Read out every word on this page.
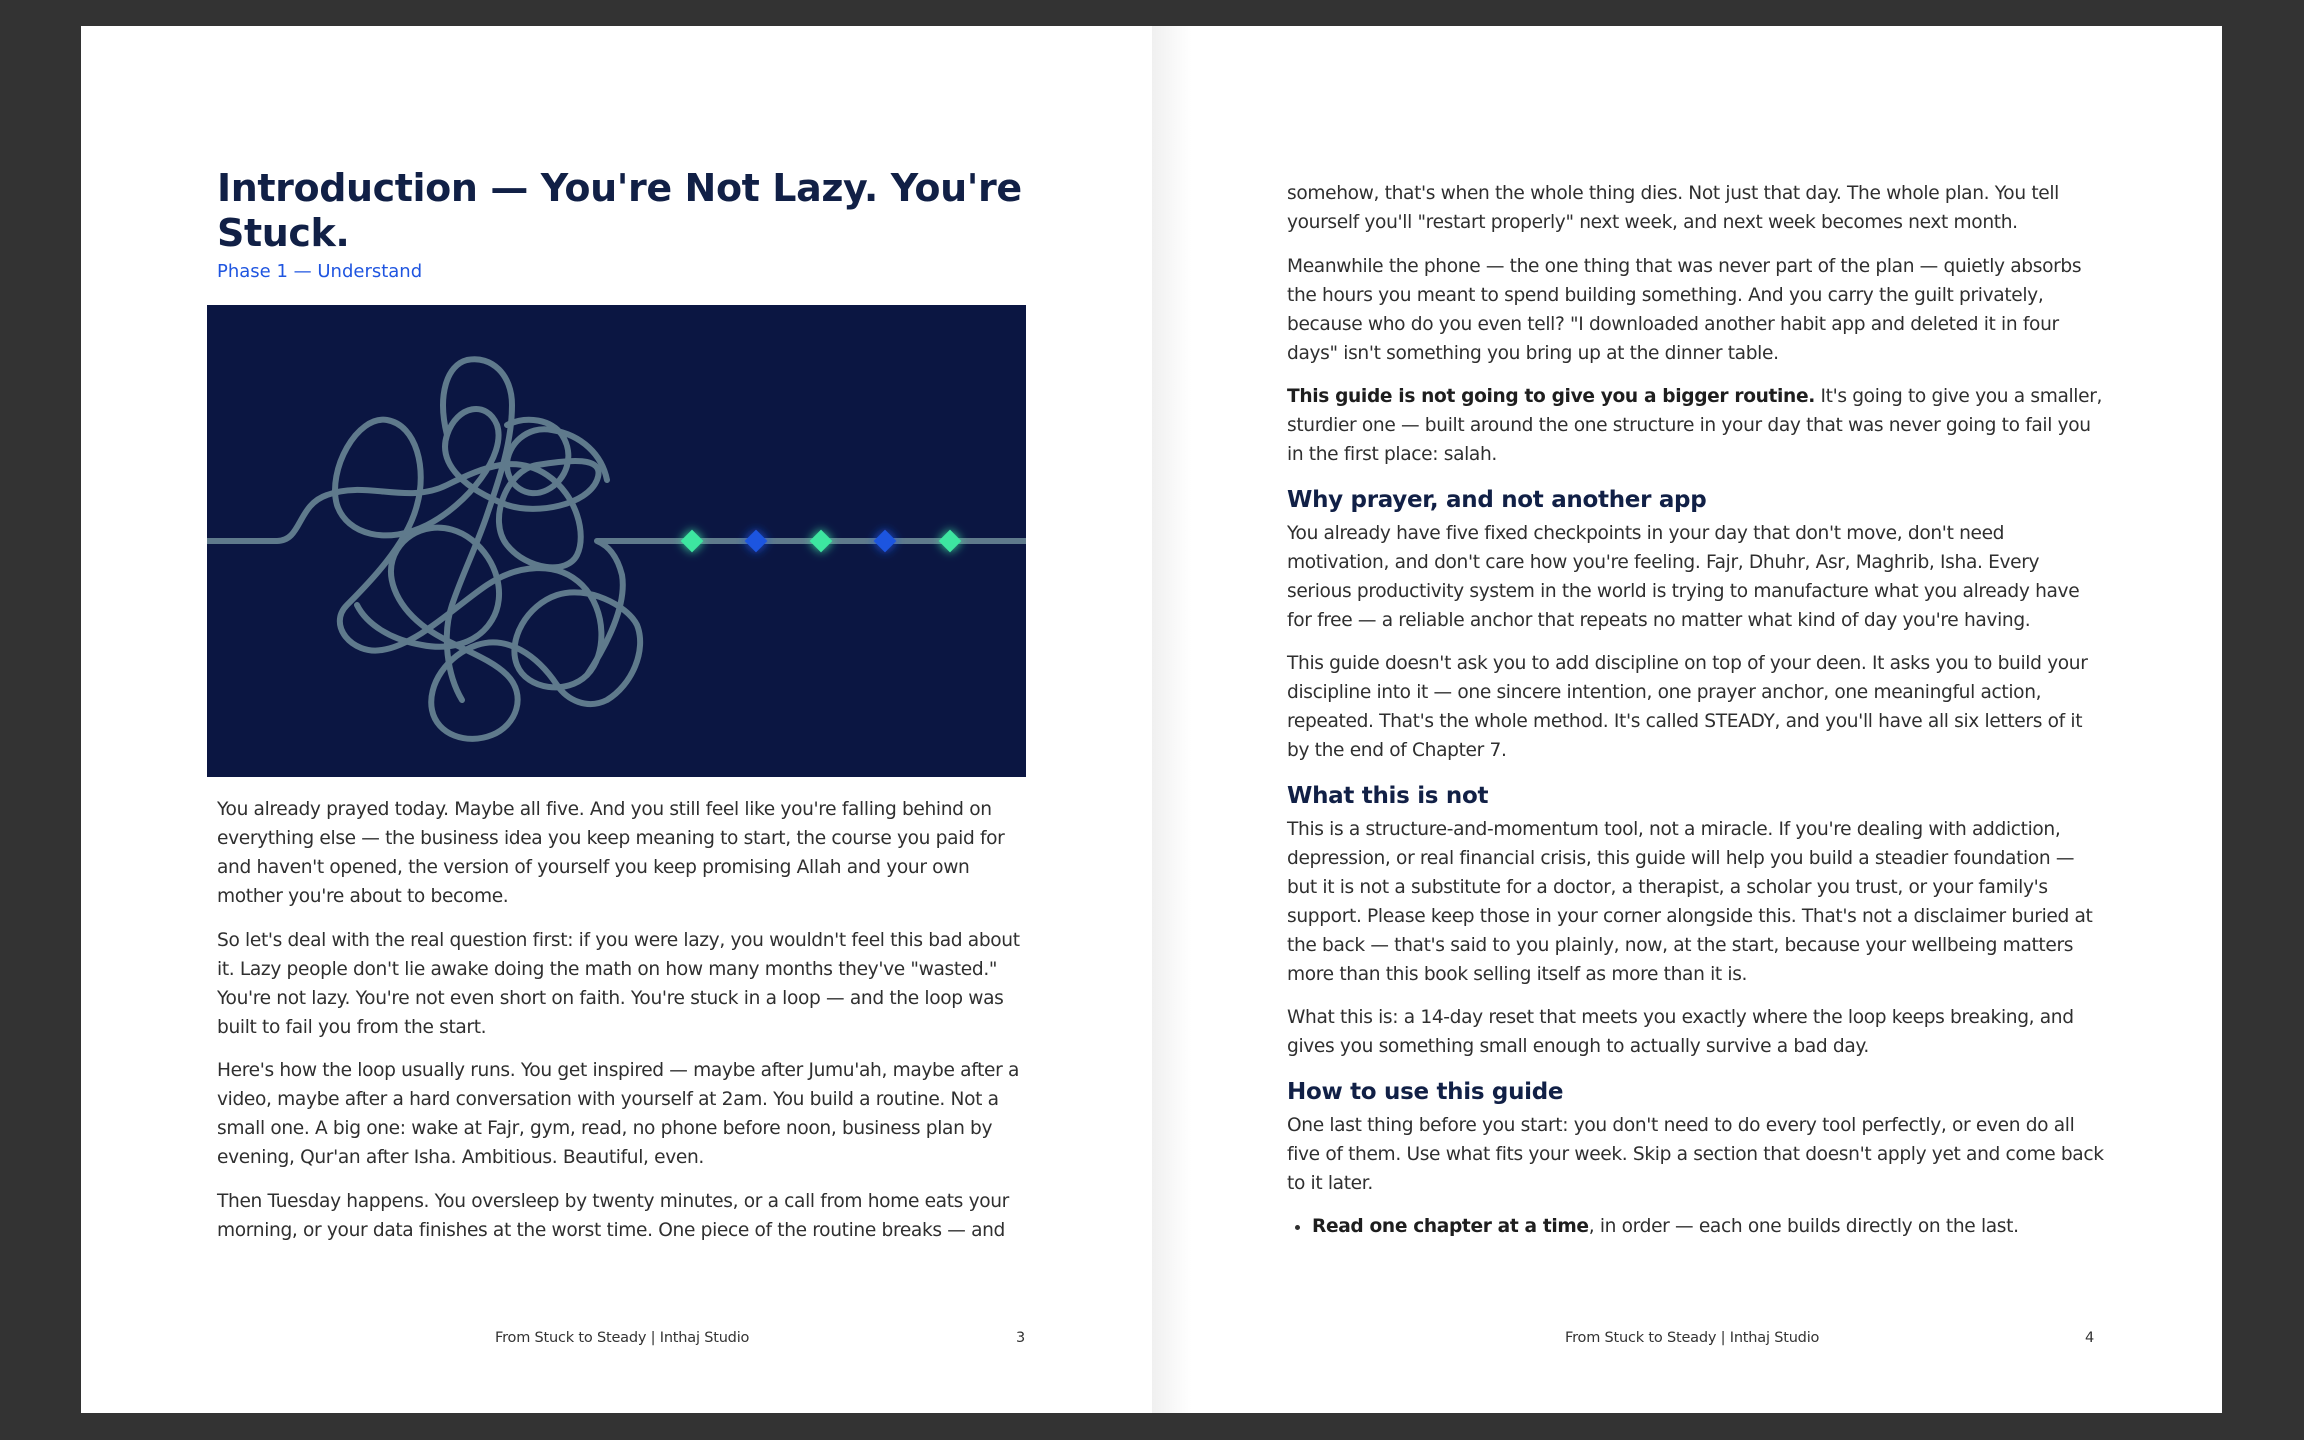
Introduction — You're Not Lazy. You're Stuck.
Phase 1 — Understand

You already prayed today. Maybe all five. And you still feel like you're falling behind on everything else — the business idea you keep meaning to start, the course you paid for and haven't opened, the version of yourself you keep promising Allah and your own mother you're about to become.

So let's deal with the real question first: if you were lazy, you wouldn't feel this bad about it. Lazy people don't lie awake doing the math on how many months they've "wasted." You're not lazy. You're not even short on faith. You're stuck in a loop — and the loop was built to fail you from the start.

Here's how the loop usually runs. You get inspired — maybe after Jumu'ah, maybe after a video, maybe after a hard conversation with yourself at 2am. You build a routine. Not a small one. A big one: wake at Fajr, gym, read, no phone before noon, business plan by evening, Qur'an after Isha. Ambitious. Beautiful, even.

Then Tuesday happens. You oversleep by twenty minutes, or a call from home eats your morning, or your data finishes at the worst time. One piece of the routine breaks — and

From Stuck to Steady | Inthaj Studio	3

somehow, that's when the whole thing dies. Not just that day. The whole plan. You tell yourself you'll "restart properly" next week, and next week becomes next month.

Meanwhile the phone — the one thing that was never part of the plan — quietly absorbs the hours you meant to spend building something. And you carry the guilt privately, because who do you even tell? "I downloaded another habit app and deleted it in four days" isn't something you bring up at the dinner table.

This guide is not going to give you a bigger routine. It's going to give you a smaller, sturdier one — built around the one structure in your day that was never going to fail you in the first place: salah.

Why prayer, and not another app

You already have five fixed checkpoints in your day that don't move, don't need motivation, and don't care how you're feeling. Fajr, Dhuhr, Asr, Maghrib, Isha. Every serious productivity system in the world is trying to manufacture what you already have for free — a reliable anchor that repeats no matter what kind of day you're having.

This guide doesn't ask you to add discipline on top of your deen. It asks you to build your discipline into it — one sincere intention, one prayer anchor, one meaningful action, repeated. That's the whole method. It's called STEADY, and you'll have all six letters of it by the end of Chapter 7.

What this is not

This is a structure-and-momentum tool, not a miracle. If you're dealing with addiction, depression, or real financial crisis, this guide will help you build a steadier foundation — but it is not a substitute for a doctor, a therapist, a scholar you trust, or your family's support. Please keep those in your corner alongside this. That's not a disclaimer buried at the back — that's said to you plainly, now, at the start, because your wellbeing matters more than this book selling itself as more than it is.

What this is: a 14-day reset that meets you exactly where the loop keeps breaking, and gives you something small enough to actually survive a bad day.

How to use this guide

One last thing before you start: you don't need to do every tool perfectly, or even do all five of them. Use what fits your week. Skip a section that doesn't apply yet and come back to it later.

• Read one chapter at a time, in order — each one builds directly on the last.
From Stuck to Steady | Inthaj Studio	4
